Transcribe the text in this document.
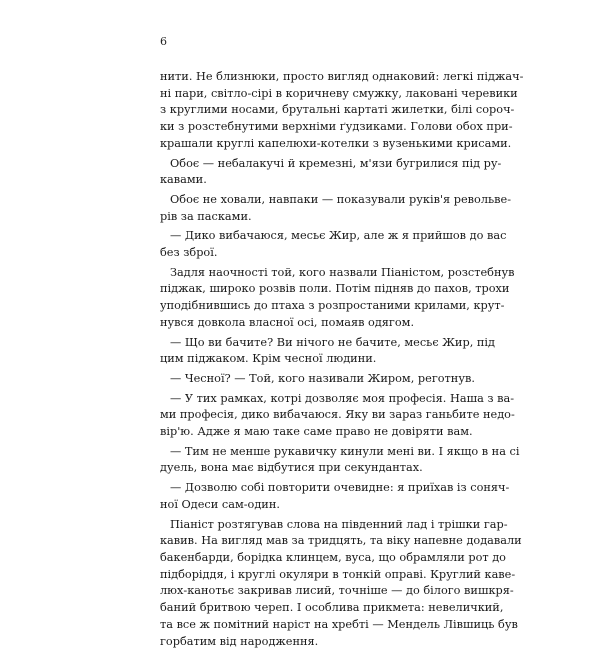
6
нити. Не близнюки, просто вигляд однаковий: легкі піджач-
ні пари, світло-сірі в коричневу смужку, лаковані черевики
з круглими носами, брутальні картаті жилетки, білі сороч-
ки з розстебнутими верхніми ґудзиками. Голови обох при-
крашали круглі капелюхи-котелки з вузенькими крисами.
Обоє — небалакучі й кремезні, м'язи бугрилися під ру-
кавами.
Обоє не ховали, навпаки — показували руків'я револьве-
рів за пасками.
— Дико вибачаюся, месьє Жир, але ж я прийшов до вас
без зброї.
Задля наочності той, кого назвали Піаністом, розстебнув
піджак, широко розвів поли. Потім підняв до пахов, трохи
уподібнившись до птаха з розпростаними крилами, крут-
нувся довкола власної осі, помаяв одягом.
— Що ви бачите? Ви нічого не бачите, месьє Жир, під
цим піджаком. Крім чесної людини.
— Чесної? — Той, кого називали Жиром, реготнув.
— У тих рамках, котрі дозволяє моя професія. Наша з ва-
ми професія, дико вибачаюся. Яку ви зараз ганьбите недо-
вір'ю. Адже я маю таке саме право не довіряти вам.
— Тим не менше рукавичку кинули мені ви. І якщо в на сі
дуель, вона має відбутися при секундантах.
— Дозволю собі повторити очевидне: я приїхав із соняч-
ної Одеси сам-один.
Піаніст розтягував слова на південний лад і трішки гар-
кавив. На вигляд мав за тридцять, та віку напевне додавали
бакенбарди, борідка клинцем, вуса, що обрамляли рот до
підборіддя, і круглі окуляри в тонкій оправі. Круглий каве-
люх-канотьє закривав лисий, точніше — до білого вишкря-
баний бритвою череп. І особлива прикмета: невеличкий,
та все ж помітний наріст на хребті — Мендель Лівшиць був
горбатим від народження.
